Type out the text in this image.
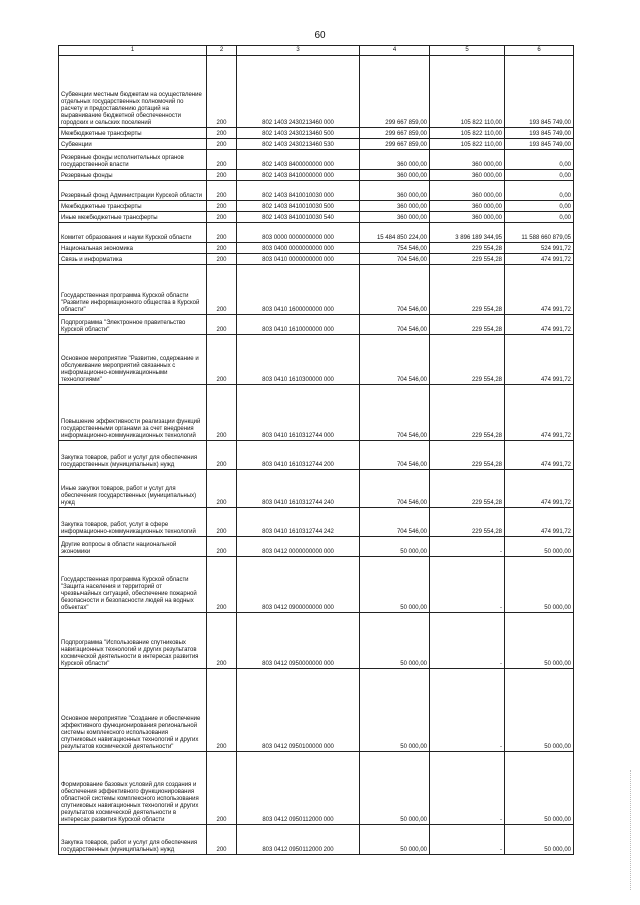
60
1	2	3	4	5	6
Субвенции местным бюджетам на осуществление отдельных государственных полномочий по расчету и предоставлению дотаций на выравнивание бюджетной обеспеченности городских и сельских поселений	200	802 1403 2430213460 000	299 667 859,00	105 822 110,00	193 845 749,00
Межбюджетные трансферты	200	802 1403 2430213460 500	299 667 859,00	105 822 110,00	193 845 749,00
Субвенции	200	802 1403 2430213460 530	299 667 859,00	105 822 110,00	193 845 749,00
Резервные фонды исполнительных органов государственной власти	200	802 1403 8400000000 000	360 000,00	360 000,00	0,00
Резервные фонды	200	802 1403 8410000000 000	360 000,00	360 000,00	0,00
Резервный фонд Администрации Курской области	200	802 1403 8410010030 000	360 000,00	360 000,00	0,00
Межбюджетные трансферты	200	802 1403 8410010030 500	360 000,00	360 000,00	0,00
Иные межбюджетные трансферты	200	802 1403 8410010030 540	360 000,00	360 000,00	0,00
Комитет образования и науки Курской области	200	803 0000 0000000000 000	15 484 850 224,00	3 896 189 344,95	11 588 660 879,05
Национальная экономика	200	803 0400 0000000000 000	754 546,00	229 554,28	524 991,72
Связь и информатика	200	803 0410 0000000000 000	704 546,00	229 554,28	474 991,72
Государственная программа Курской области "Развитие информационного общества в Курской области"	200	803 0410 1600000000 000	704 546,00	229 554,28	474 991,72
Подпрограмма "Электронное правительство Курской области"	200	803 0410 1610000000 000	704 546,00	229 554,28	474 991,72
Основное мероприятие "Развитие, содержание и обслуживание мероприятий связанных с информационно-коммуникационными технологиями"	200	803 0410 1610300000 000	704 546,00	229 554,28	474 991,72
Повышение эффективности реализации функций государственными органами за счет внедрения информационно-коммуникационных технологий	200	803 0410 1610312744 000	704 546,00	229 554,28	474 991,72
Закупка товаров, работ и услуг для обеспечения государственных (муниципальных) нужд	200	803 0410 1610312744 200	704 546,00	229 554,28	474 991,72
Иные закупки товаров, работ и услуг для обеспечения государственных (муниципальных) нужд	200	803 0410 1610312744 240	704 546,00	229 554,28	474 991,72
Закупка товаров, работ, услуг в сфере информационно-коммуникационных технологий	200	803 0410 1610312744 242	704 546,00	229 554,28	474 991,72
Другие вопросы в области национальной экономики	200	803 0412 0000000000 000	50 000,00	-	50 000,00
Государственная программа Курской области "Защита населения и территорий от чрезвычайных ситуаций, обеспечение пожарной безопасности и безопасности людей на водных объектах"	200	803 0412 0900000000 000	50 000,00	-	50 000,00
Подпрограмма "Использование спутниковых навигационных технологий и других результатов космической деятельности в интересах развития Курской области"	200	803 0412 0950000000 000	50 000,00	-	50 000,00
Основное мероприятие "Создание и обеспечение эффективного функционирования региональной системы комплексного использования спутниковых навигационных технологий и других результатов космической деятельности"	200	803 0412 0950100000 000	50 000,00	-	50 000,00
Формирование базовых условий для создания и обеспечения эффективного функционирования областной системы комплексного использования спутниковых навигационных технологий и других результатов космической деятельности в интересах развития Курской области	200	803 0412 0950112000 000	50 000,00	-	50 000,00
Закупка товаров, работ и услуг для обеспечения государственных (муниципальных) нужд	200	803 0412 0950112000 200	50 000,00	-	50 000,00
